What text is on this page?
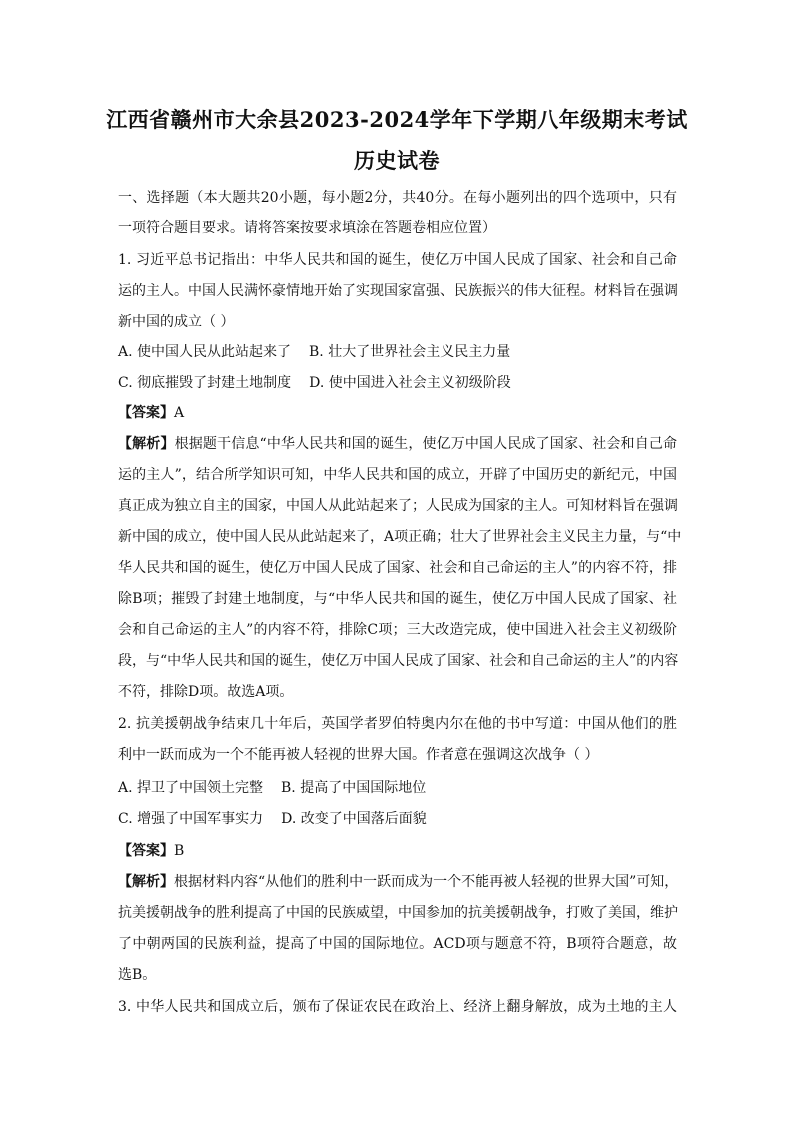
江西省赣州市大余县2023-2024学年下学期八年级期末考试
历史试卷
一、选择题（本大题共20小题，每小题2分，共40分。在每小题列出的四个选项中，只有
一项符合题目要求。请将答案按要求填涂在答题卷相应位置）
1. 习近平总书记指出：中华人民共和国的诞生，使亿万中国人民成了国家、社会和自己命
运的主人。中国人民满怀豪情地开始了实现国家富强、民族振兴的伟大征程。材料旨在强调
新中国的成立（ ）
A. 使中国人民从此站起来了 B. 壮大了世界社会主义民主力量
C. 彻底摧毁了封建土地制度 D. 使中国进入社会主义初级阶段
【答案】A
【解析】根据题干信息“中华人民共和国的诞生，使亿万中国人民成了国家、社会和自己命
运的主人”，结合所学知识可知，中华人民共和国的成立，开辟了中国历史的新纪元，中国
真正成为独立自主的国家，中国人从此站起来了；人民成为国家的主人。可知材料旨在强调
新中国的成立，使中国人民从此站起来了，A项正确；壮大了世界社会主义民主力量，与“中
华人民共和国的诞生，使亿万中国人民成了国家、社会和自己命运的主人”的内容不符，排
除B项；摧毁了封建土地制度，与“中华人民共和国的诞生，使亿万中国人民成了国家、社
会和自己命运的主人”的内容不符，排除C项；三大改造完成，使中国进入社会主义初级阶
段，与“中华人民共和国的诞生，使亿万中国人民成了国家、社会和自己命运的主人”的内容
不符，排除D项。故选A项。
2. 抗美援朝战争结束几十年后，英国学者罗伯特奥内尔在他的书中写道：中国从他们的胜
利中一跃而成为一个不能再被人轻视的世界大国。作者意在强调这次战争（ ）
A. 捍卫了中国领土完整 B. 提高了中国国际地位
C. 增强了中国军事实力 D. 改变了中国落后面貌
【答案】B
【解析】根据材料内容“从他们的胜利中一跃而成为一个不能再被人轻视的世界大国”可知，
抗美援朝战争的胜利提高了中国的民族威望，中国参加的抗美援朝战争，打败了美国，维护
了中朝两国的民族利益，提高了中国的国际地位。ACD项与题意不符，B项符合题意，故
选B。
3. 中华人民共和国成立后，颁布了保证农民在政治上、经济上翻身解放，成为土地的主人
